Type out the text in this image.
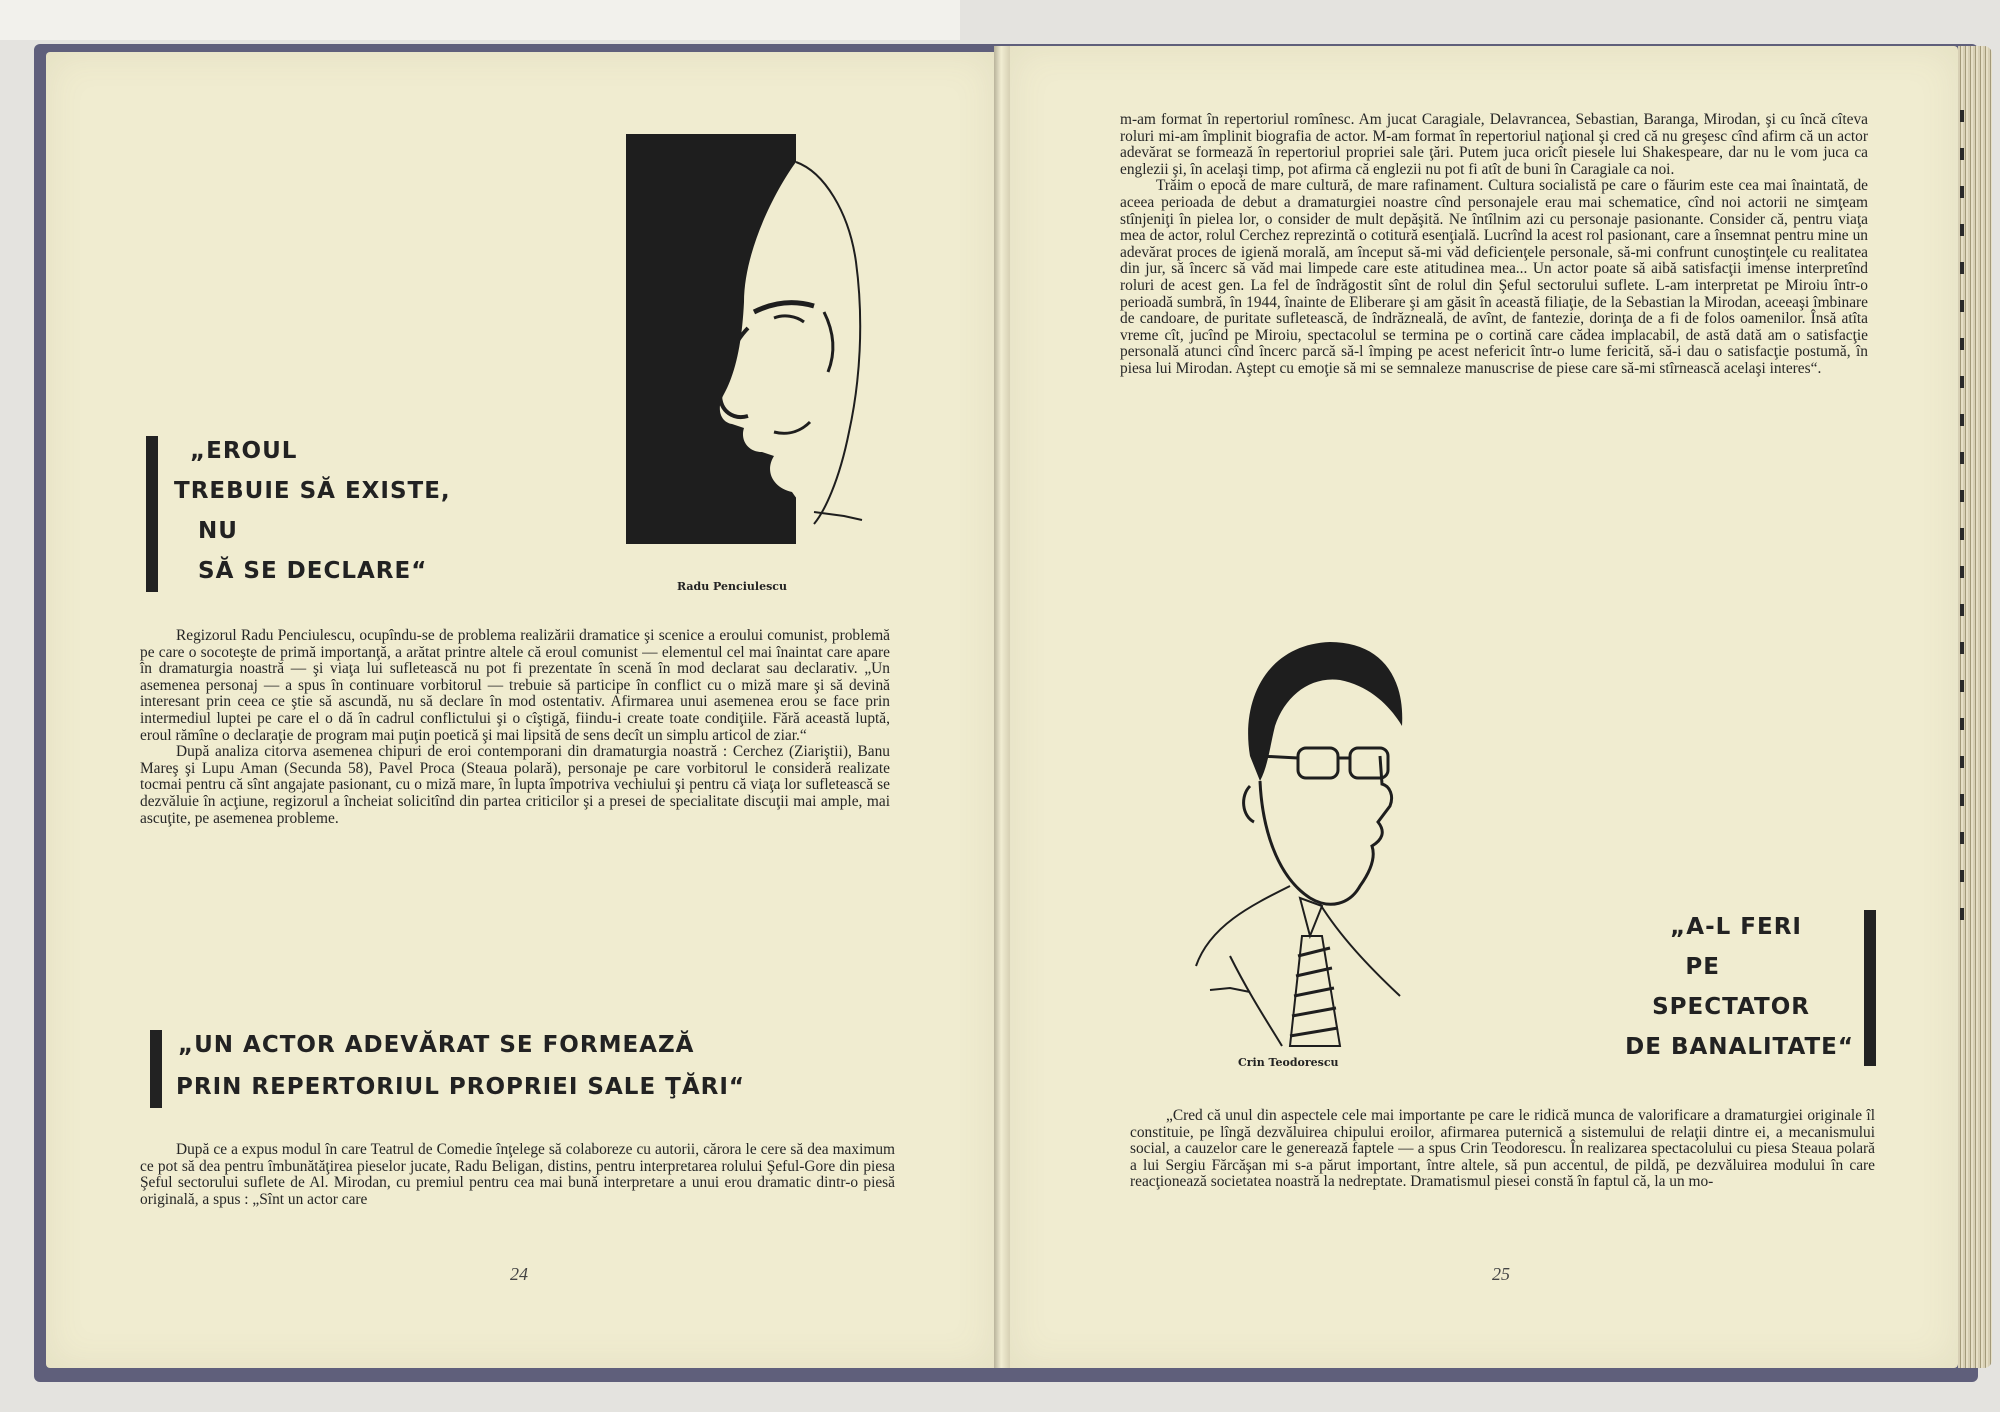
Radu Penciulescu
„EROUL
TREBUIE SĂ EXISTE,
NU
SĂ SE DECLARE“

Regizorul Radu Penciulescu, ocupîndu-se de problema realizării dramatice şi scenice a eroului comunist, problemă pe care o socoteşte de primă importanţă, a arătat printre altele că eroul comunist — elementul cel mai înaintat care apare în dramaturgia noastră — şi viaţa lui sufletească nu pot fi prezentate în scenă în mod declarat sau declarativ. „Un asemenea personaj — a spus în continuare vorbitorul — trebuie să participe în conflict cu o miză mare şi să devină interesant prin ceea ce ştie să ascundă, nu să declare în mod ostentativ. Afirmarea unui asemenea erou se face prin intermediul luptei pe care el o dă în cadrul conflictului şi o cîştigă, fiindu-i create toate condiţiile. Fără această luptă, eroul rămîne o declaraţie de program mai puţin poetică şi mai lipsită de sens decît un simplu articol de ziar.“

După analiza citorva asemenea chipuri de eroi contemporani din dramaturgia noastră : Cerchez (Ziariştii), Banu Mareş şi Lupu Aman (Secunda 58), Pavel Proca (Steaua polară), personaje pe care vorbitorul le consideră realizate tocmai pentru că sînt angajate pasionant, cu o miză mare, în lupta împotriva vechiului şi pentru că viaţa lor sufletească se dezvăluie în acţiune, regizorul a încheiat solicitînd din partea criticilor şi a presei de specialitate discuţii mai ample, mai ascuţite, pe asemenea probleme.

„UN ACTOR ADEVĂRAT SE FORMEAZĂ
PRIN REPERTORIUL PROPRIEI SALE ŢĂRI“

După ce a expus modul în care Teatrul de Comedie înţelege să colaboreze cu autorii, cărora le cere să dea maximum ce pot să dea pentru îmbunătăţirea pieselor jucate, Radu Beligan, distins, pentru interpretarea rolului Şeful-Gore din piesa Şeful sectorului suflete de Al. Mirodan, cu premiul pentru cea mai bună interpretare a unui erou dramatic dintr-o piesă originală, a spus : „Sînt un actor care

24

m-am format în repertoriul romînesc. Am jucat Caragiale, Delavrancea, Sebastian, Baranga, Mirodan, şi cu încă cîteva roluri mi-am împlinit biografia de actor. M-am format în repertoriul naţional şi cred că nu greşesc cînd afirm că un actor adevărat se formează în repertoriul propriei sale ţări. Putem juca oricît piesele lui Shakespeare, dar nu le vom juca ca englezii şi, în acelaşi timp, pot afirma că englezii nu pot fi atît de buni în Caragiale ca noi.

Trăim o epocă de mare cultură, de mare rafinament. Cultura socialistă pe care o făurim este cea mai înaintată, de aceea perioada de debut a dramaturgiei noastre cînd personajele erau mai schematice, cînd noi actorii ne simţeam stînjeniţi în pielea lor, o consider de mult depăşită. Ne întîlnim azi cu personaje pasionante. Consider că, pentru viaţa mea de actor, rolul Cerchez reprezintă o cotitură esenţială. Lucrînd la acest rol pasionant, care a însemnat pentru mine un adevărat proces de igienă morală, am început să-mi văd deficienţele personale, să-mi confrunt cunoştinţele cu realitatea din jur, să încerc să văd mai limpede care este atitudinea mea... Un actor poate să aibă satisfacţii imense interpretînd roluri de acest gen. La fel de îndrăgostit sînt de rolul din Şeful sectorului suflete. L-am interpretat pe Miroiu într-o perioadă sumbră, în 1944, înainte de Eliberare şi am găsit în această filiaţie, de la Sebastian la Mirodan, aceeaşi îmbinare de candoare, de puritate sufletească, de îndrăzneală, de avînt, de fantezie, dorinţa de a fi de folos oamenilor. Însă atîta vreme cît, jucînd pe Miroiu, spectacolul se termina pe o cortină care cădea implacabil, de astă dată am o satisfacţie personală atunci cînd încerc parcă să-l împing pe acest nefericit într-o lume fericită, să-i dau o satisfacţie postumă, în piesa lui Mirodan. Aştept cu emoţie să mi se semnaleze manuscrise de piese care să-mi stîrnească acelaşi interes“.

Crin Teodorescu
„A-L FERI
PE
SPECTATOR
DE BANALITATE“

„Cred că unul din aspectele cele mai importante pe care le ridică munca de valorificare a dramaturgiei originale îl constituie, pe lîngă dezvăluirea chipului eroilor, afirmarea puternică a sistemului de relaţii dintre ei, a mecanismului social, a cauzelor care le generează faptele — a spus Crin Teodorescu. În realizarea spectacolului cu piesa Steaua polară a lui Sergiu Fărcăşan mi s-a părut important, între altele, să pun accentul, de pildă, pe dezvăluirea modului în care reacţionează societatea noastră la nedreptate. Dramatismul piesei constă în faptul că, la un mo-

25
